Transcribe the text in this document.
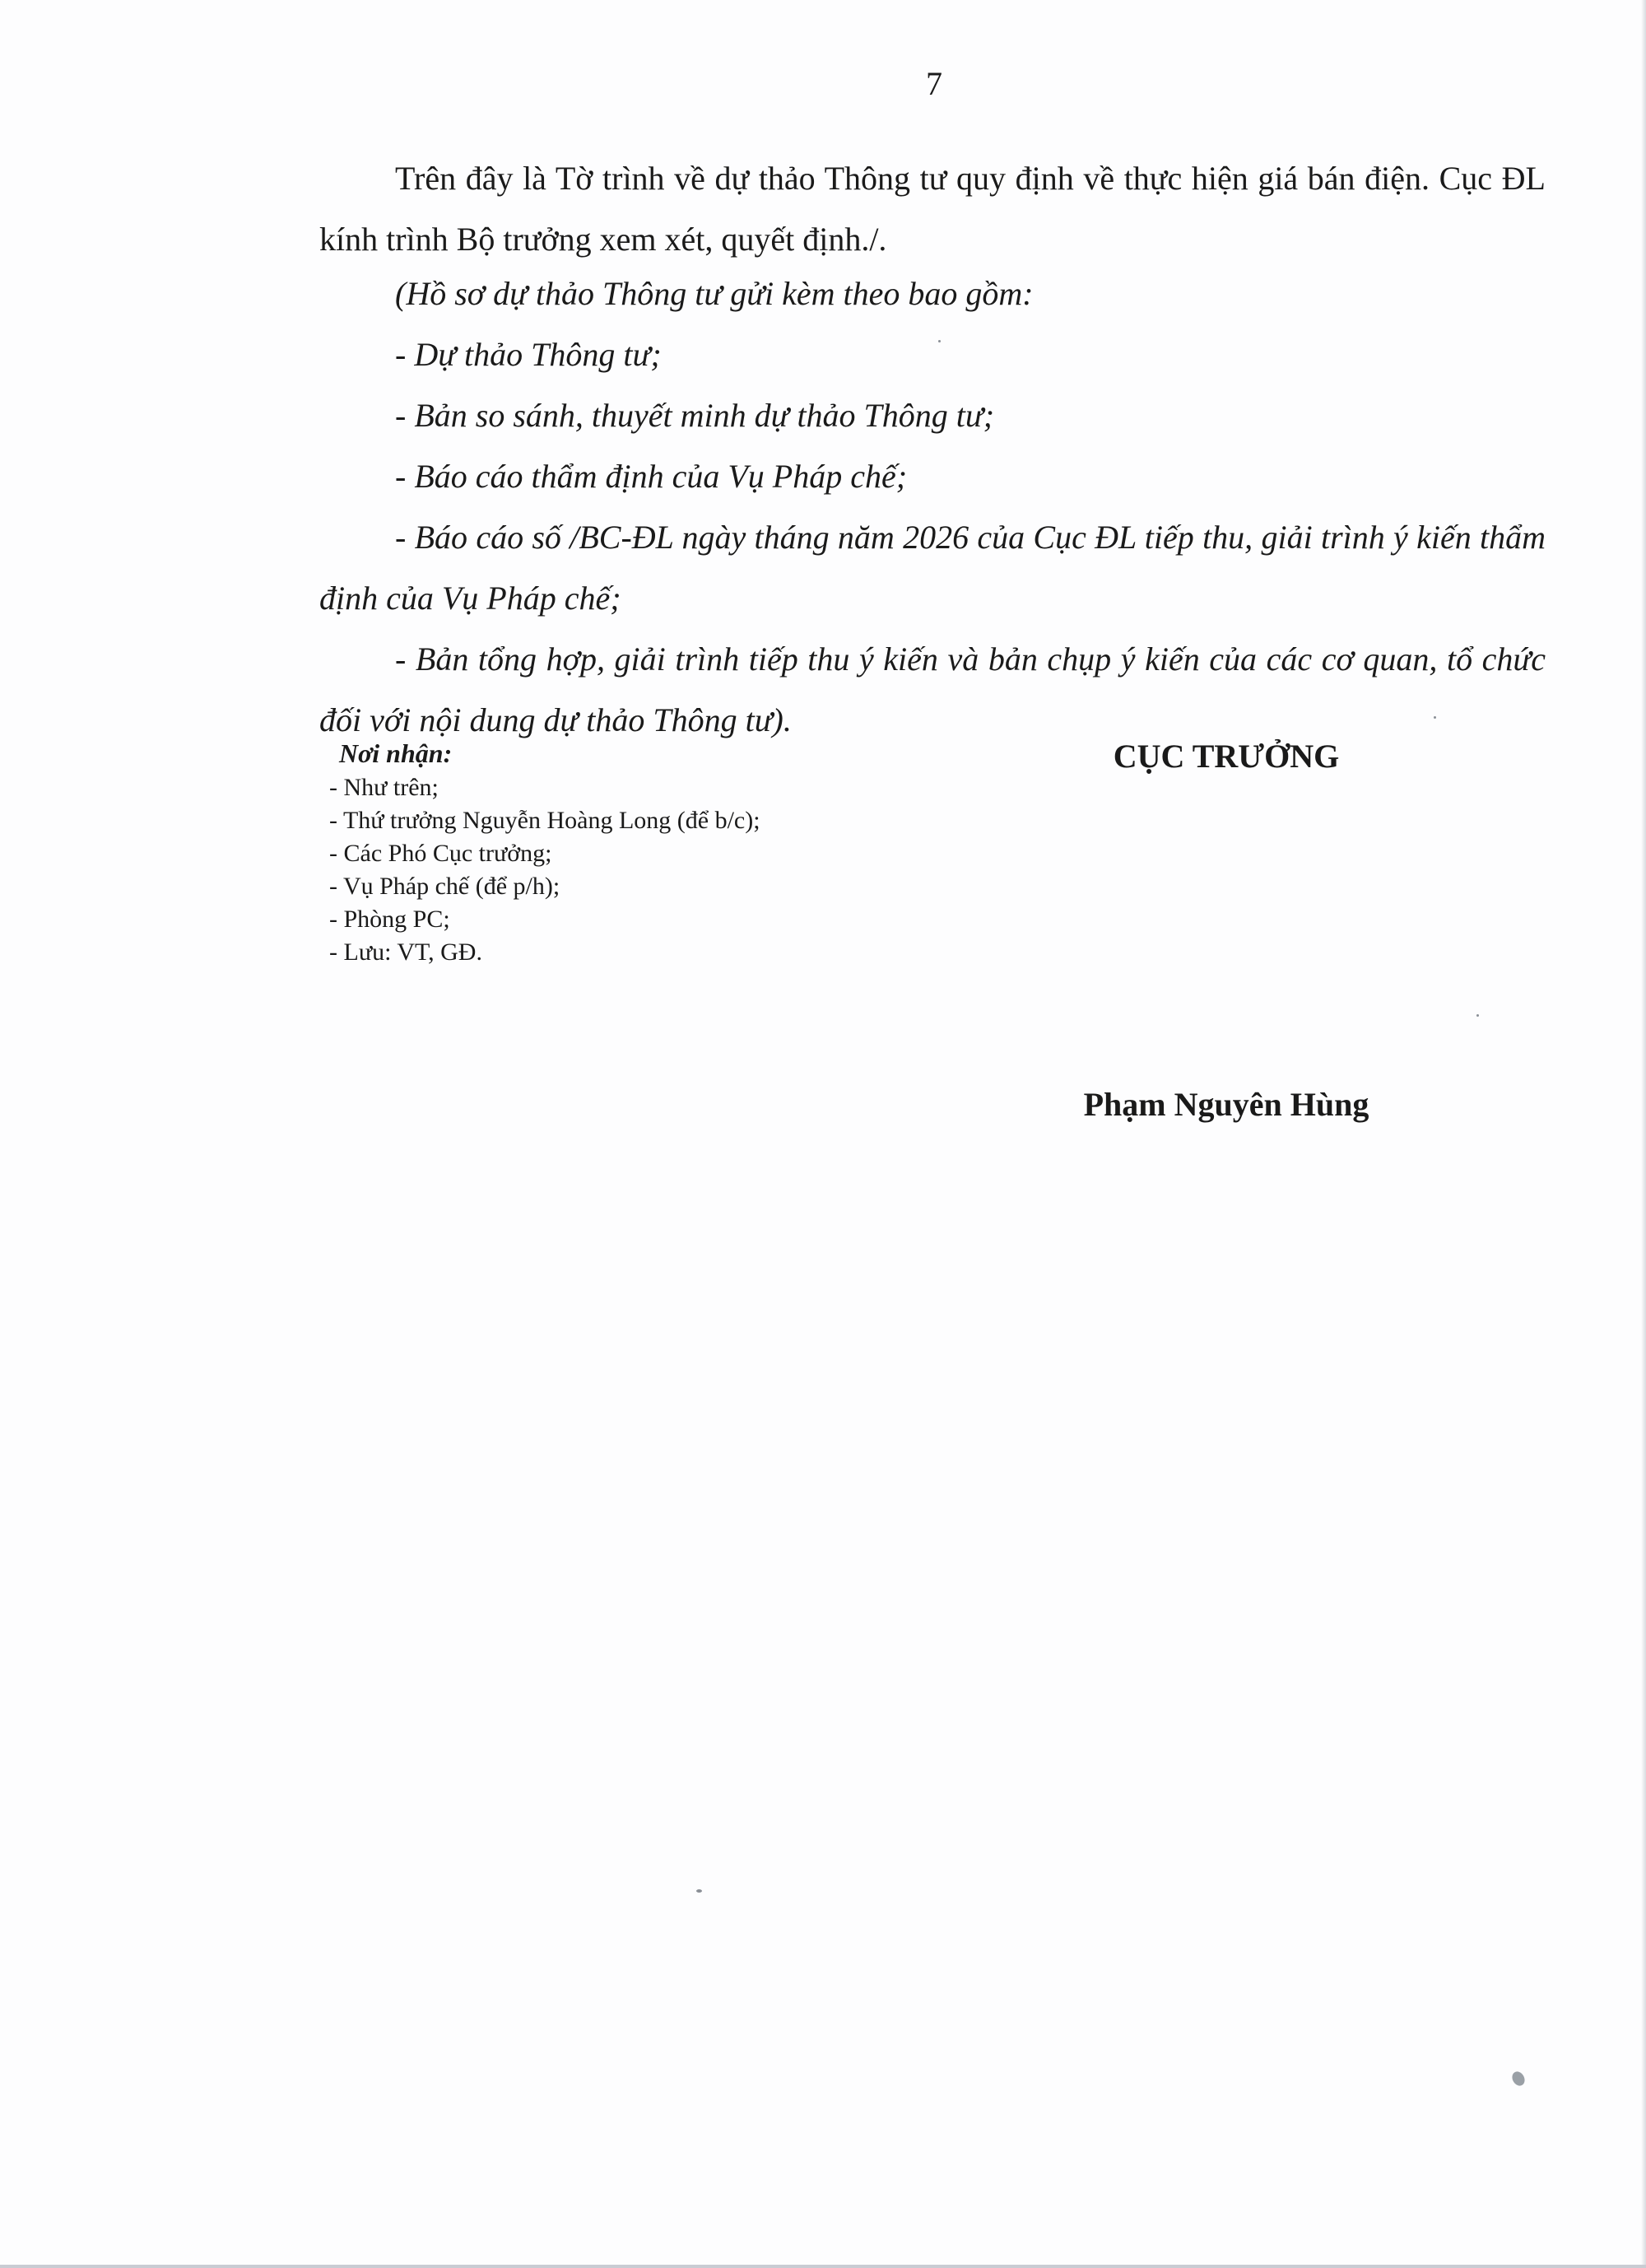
7

Trên đây là Tờ trình về dự thảo Thông tư quy định về thực hiện giá bán điện. Cục ĐL kính trình Bộ trưởng xem xét, quyết định./.

(Hồ sơ dự thảo Thông tư gửi kèm theo bao gồm:

- Dự thảo Thông tư;

- Bản so sánh, thuyết minh dự thảo Thông tư;

- Báo cáo thẩm định của Vụ Pháp chế;

- Báo cáo số /BC-ĐL ngày tháng năm 2026 của Cục ĐL tiếp thu, giải trình ý kiến thẩm định của Vụ Pháp chế;

- Bản tổng hợp, giải trình tiếp thu ý kiến và bản chụp ý kiến của các cơ quan, tổ chức đối với nội dung dự thảo Thông tư).

Nơi nhận:

- Như trên;
- Thứ trưởng Nguyễn Hoàng Long (để b/c);
- Các Phó Cục trưởng;
- Vụ Pháp chế (để p/h);
- Phòng PC;
- Lưu: VT, GĐ.
CỤC TRƯỞNG
Phạm Nguyên Hùng
